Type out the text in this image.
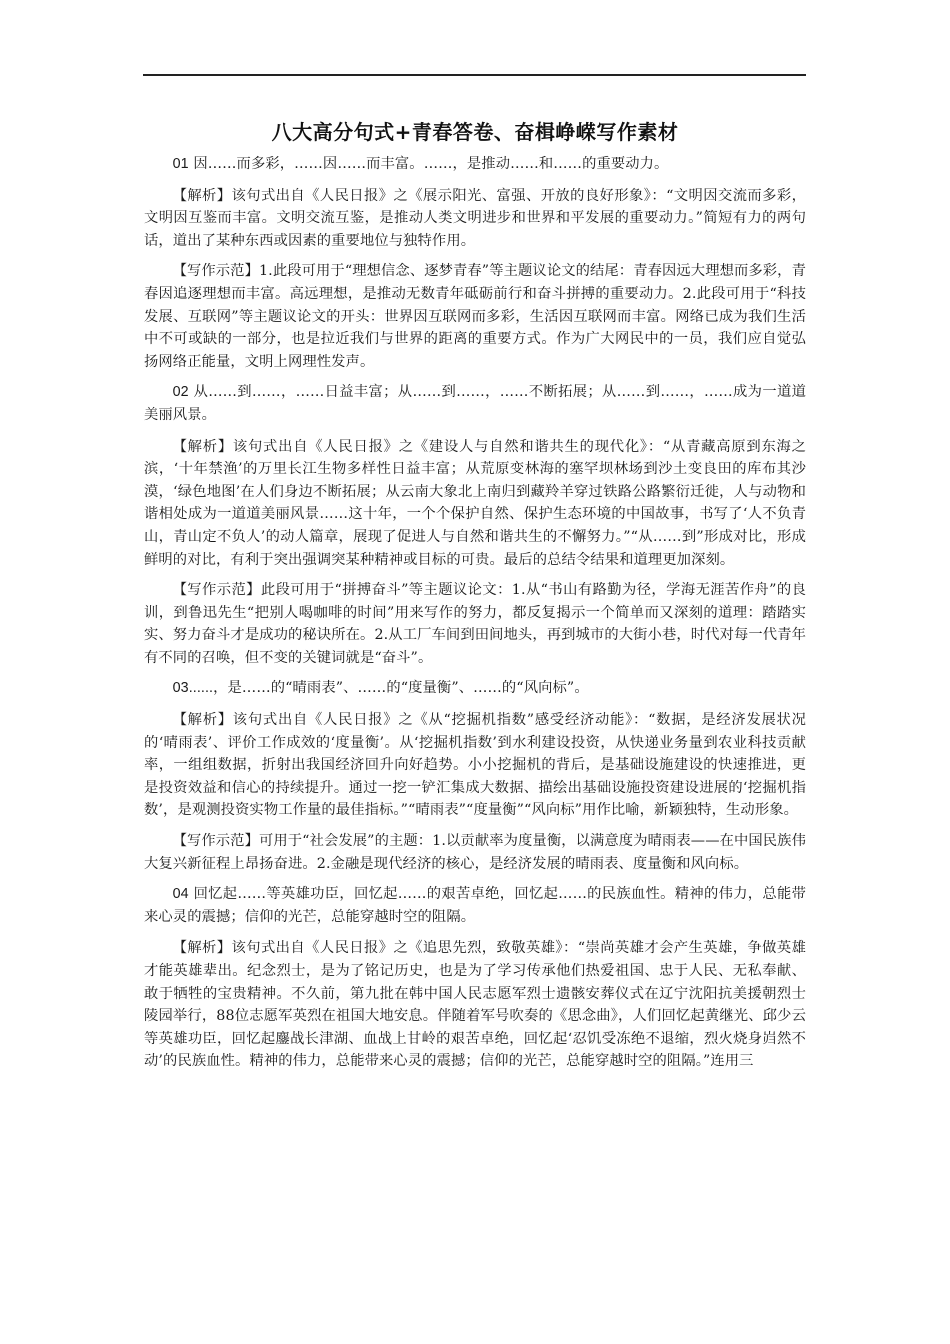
八大高分句式+青春答卷、奋楫峥嵘写作素材

01 因……而多彩，……因……而丰富。……，是推动……和……的重要动力。

【解析】该句式出自《人民日报》之《展示阳光、富强、开放的良好形象》：“文明因交流而多彩，文明因互鉴而丰富。文明交流互鉴，是推动人类文明进步和世界和平发展的重要动力。”简短有力的两句话，道出了某种东西或因素的重要地位与独特作用。

【写作示范】1.此段可用于“理想信念、逐梦青春”等主题议论文的结尾：青春因远大理想而多彩，青春因追逐理想而丰富。高远理想，是推动无数青年砥砺前行和奋斗拼搏的重要动力。2.此段可用于“科技发展、互联网”等主题议论文的开头：世界因互联网而多彩，生活因互联网而丰富。网络已成为我们生活中不可或缺的一部分，也是拉近我们与世界的距离的重要方式。作为广大网民中的一员，我们应自觉弘扬网络正能量，文明上网理性发声。

02 从……到……，……日益丰富；从……到……，……不断拓展；从……到……，……成为一道道美丽风景。

【解析】该句式出自《人民日报》之《建设人与自然和谐共生的现代化》：“从青藏高原到东海之滨，‘十年禁渔’的万里长江生物多样性日益丰富；从荒原变林海的塞罕坝林场到沙土变良田的库布其沙漠，‘绿色地图’在人们身边不断拓展；从云南大象北上南归到藏羚羊穿过铁路公路繁衍迁徙，人与动物和谐相处成为一道道美丽风景……这十年，一个个保护自然、保护生态环境的中国故事，书写了‘人不负青山，青山定不负人’的动人篇章，展现了促进人与自然和谐共生的不懈努力。”“从……到”形成对比，形成鲜明的对比，有利于突出强调突某种精神或目标的可贵。最后的总结令结果和道理更加深刻。

【写作示范】此段可用于“拼搏奋斗”等主题议论文：1.从“书山有路勤为径，学海无涯苦作舟”的良训，到鲁迅先生“把别人喝咖啡的时间”用来写作的努力，都反复揭示一个简单而又深刻的道理：踏踏实实、努力奋斗才是成功的秘诀所在。2.从工厂车间到田间地头，再到城市的大街小巷，时代对每一代青年有不同的召唤，但不变的关键词就是“奋斗”。

03......，是……的“晴雨表”、……的“度量衡”、……的“风向标”。

【解析】该句式出自《人民日报》之《从“挖掘机指数”感受经济动能》：“数据，是经济发展状况的‘晴雨表’、评价工作成效的‘度量衡’。从‘挖掘机指数’到水利建设投资，从快递业务量到农业科技贡献率，一组组数据，折射出我国经济回升向好趋势。小小挖掘机的背后，是基础设施建设的快速推进，更是投资效益和信心的持续提升。通过一挖一铲汇集成大数据、描绘出基础设施投资建设进展的‘挖掘机指数’，是观测投资实物工作量的最佳指标。”“晴雨表”“度量衡”“风向标”用作比喻，新颖独特，生动形象。

【写作示范】可用于“社会发展”的主题：1.以贡献率为度量衡，以满意度为晴雨表——在中国民族伟大复兴新征程上昂扬奋进。2.金融是现代经济的核心，是经济发展的晴雨表、度量衡和风向标。

04 回忆起……等英雄功臣，回忆起……的艰苦卓绝，回忆起……的民族血性。精神的伟力，总能带来心灵的震撼；信仰的光芒，总能穿越时空的阻隔。

【解析】该句式出自《人民日报》之《追思先烈，致敬英雄》：“崇尚英雄才会产生英雄，争做英雄才能英雄辈出。纪念烈士，是为了铭记历史，也是为了学习传承他们热爱祖国、忠于人民、无私奉献、敢于牺牲的宝贵精神。不久前，第九批在韩中国人民志愿军烈士遗骸安葬仪式在辽宁沈阳抗美援朝烈士陵园举行，88位志愿军英烈在祖国大地安息。伴随着军号吹奏的《思念曲》，人们回忆起黄继光、邱少云等英雄功臣，回忆起鏖战长津湖、血战上甘岭的艰苦卓绝，回忆起‘忍饥受冻绝不退缩，烈火烧身岿然不动’的民族血性。精神的伟力，总能带来心灵的震撼；信仰的光芒，总能穿越时空的阻隔。”连用三
